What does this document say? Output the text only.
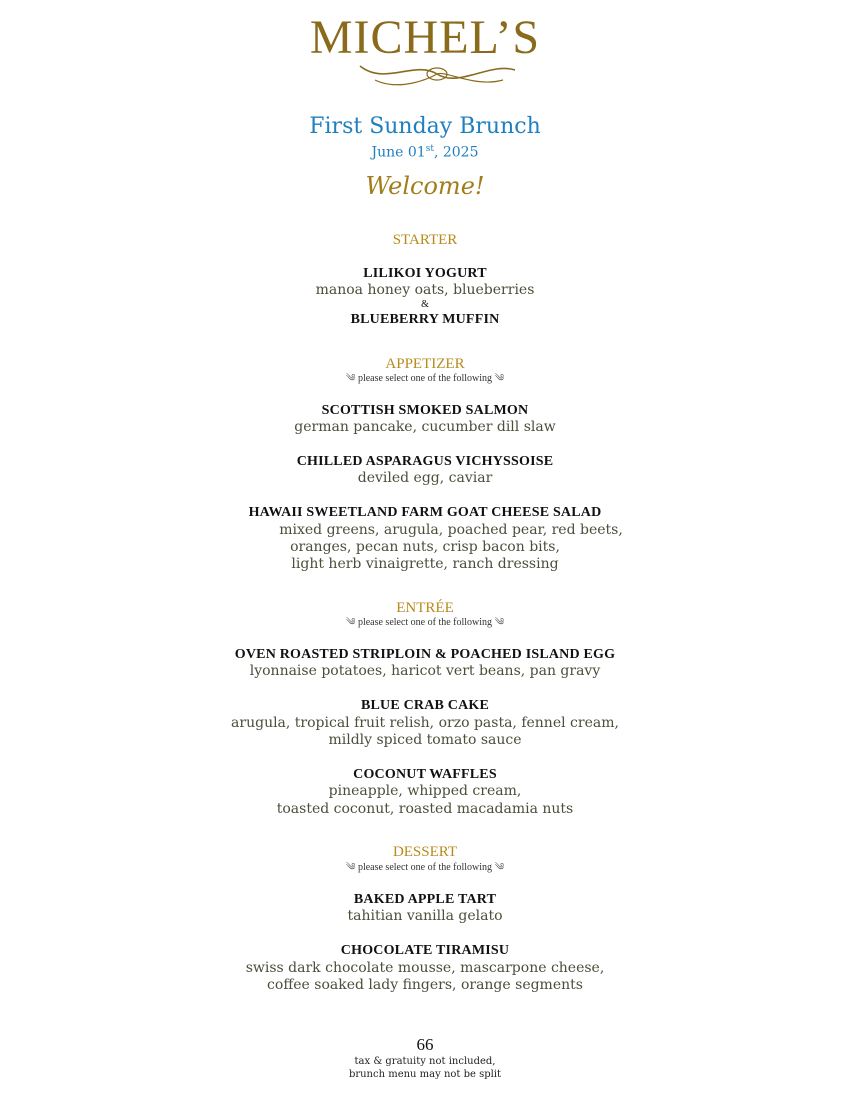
MICHEL’S
First Sunday Brunch
June 01st, 2025
Welcome!
STARTER
LILIKOI YOGURT
manoa honey oats, blueberries
&
BLUEBERRY MUFFIN
APPETIZER
༄ please select one of the following ༄
SCOTTISH SMOKED SALMON
german pancake, cucumber dill slaw
CHILLED ASPARAGUS VICHYSSOISE
deviled egg, caviar
HAWAII SWEETLAND FARM GOAT CHEESE SALAD
mixed greens, arugula, poached pear, red beets,
oranges, pecan nuts, crisp bacon bits,
light herb vinaigrette, ranch dressing
ENTRÉE
༄ please select one of the following ༄
OVEN ROASTED STRIPLOIN & POACHED ISLAND EGG
lyonnaise potatoes, haricot vert beans, pan gravy
BLUE CRAB CAKE
arugula, tropical fruit relish, orzo pasta, fennel cream,
mildly spiced tomato sauce
COCONUT WAFFLES
pineapple, whipped cream,
toasted coconut, roasted macadamia nuts
DESSERT
༄ please select one of the following ༄
BAKED APPLE TART
tahitian vanilla gelato
CHOCOLATE TIRAMISU
swiss dark chocolate mousse, mascarpone cheese,
coffee soaked lady fingers, orange segments
66
tax & gratuity not included,
brunch menu may not be split
